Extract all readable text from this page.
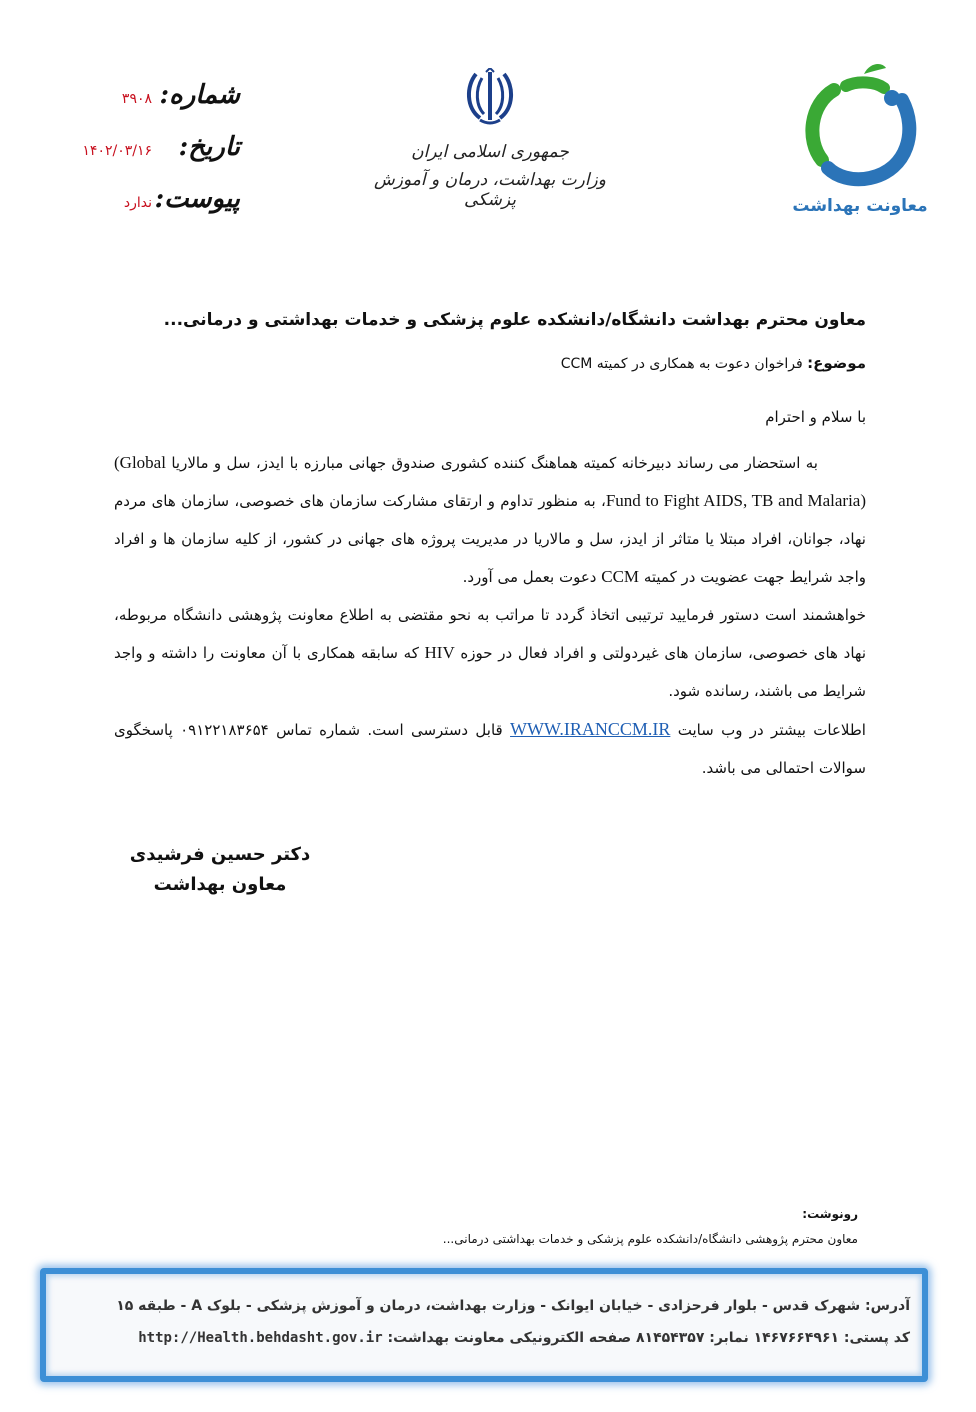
شماره:
۳۹۰۸
تاریخ:
۱۴۰۲/۰۳/۱۶
پیوست:
ندارد
جمهوری اسلامی ایران
وزارت بهداشت، درمان و آموزش پزشکی	معاونت بهداشت
معاون محترم بهداشت دانشگاه/دانشکده علوم پزشکی و خدمات بهداشتی و درمانی...
موضوع: فراخوان دعوت به همکاری در کمیته CCM
با سلام و احترام

به استحضار می رساند دبیرخانه کمیته هماهنگ کننده کشوری صندوق جهانی مبارزه با ایدز، سل و مالاریا (Global Fund to Fight AIDS, TB and Malaria)، به منظور تداوم و ارتقای مشارکت سازمان های خصوصی، سازمان های مردم نهاد، جوانان، افراد مبتلا یا متاثر از ایدز، سل و مالاریا در مدیریت پروژه های جهانی در کشور، از کلیه سازمان ها و افراد واجد شرایط جهت عضویت در کمیته CCM دعوت بعمل می آورد.

خواهشمند است دستور فرمایید ترتیبی اتخاذ گردد تا مراتب به نحو مقتضی به اطلاع معاونت پژوهشی دانشگاه مربوطه، نهاد های خصوصی، سازمان های غیردولتی و افراد فعال در حوزه HIV که سابقه همکاری با آن معاونت را داشته و واجد شرایط می باشند، رسانده شود.

اطلاعات بیشتر در وب سایت WWW.IRANCCM.IR قابل دسترسی است. شماره تماس ۰۹۱۲۲۱۸۳۶۵۴ پاسخگوی سوالات احتمالی می باشد.

دکتر حسین فرشیدی
معاون بهداشت
رونوشت:
معاون محترم پژوهشی دانشگاه/دانشکده علوم پزشکی و خدمات بهداشتی درمانی...
آدرس: شهرک قدس - بلوار فرحزادی - خیابان ایوانک - وزارت بهداشت، درمان و آموزش پزشکی - بلوک A - طبقه ۱۵
کد پستی: ۱۴۶۷۶۶۴۹۶۱ نمابر: ۸۱۴۵۴۳۵۷ صفحه الکترونیکی معاونت بهداشت: http://Health.behdasht.gov.ir
